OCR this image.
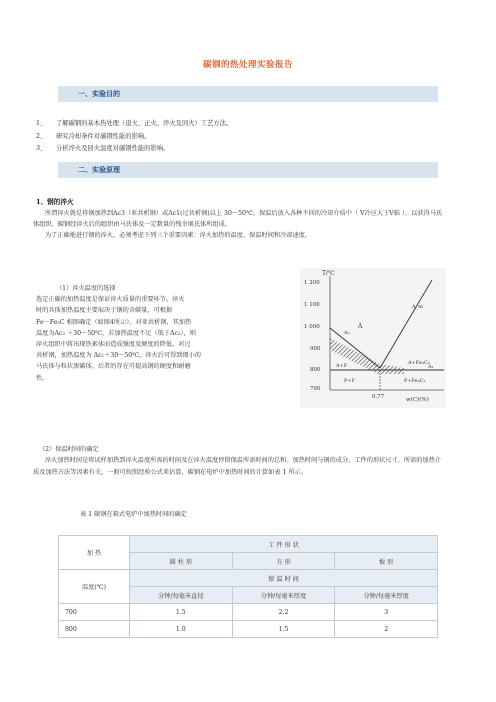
碳钢的热处理实验报告
一、实验目的
1、 了解碳钢的基本热处理（退火、正火、淬火及回火）工艺方法。
2、 研究冷却条件对碳钢性能的影响。
3、 分析淬火及回火温度对碳钢性能的影响。
二、实验原理
1、钢的淬火

所谓淬火就是将钢加热到Ac3（亚共析钢）或Ac1(过共析钢)以上 30～50℃，保温后放入各种不同的冷却介质中（ V冷应大于V临 ），以获得马氏体组织。碳钢经淬火后的组织由马氏体及一定数量的残余奥氏体所组成。

为了正确地进行钢的淬火，必须考虑下列三个重要因素：淬火加热的温度、保温时间和冷却速度。

（1）淬火温度的选择

选定正确的加热温度是保证淬火质量的重要环节。淬火

时的具体加热温度主要取决于钢的含碳量，可根据

Fe－Fe₃C 相图确定（如图4所示）。对亚共析钢，其加热

温度为Ac₃ ＋30～50℃，若加热温度不足（低于Ac₃），则

淬火组织中将出现铁素体而造成强度及硬度的降低。对过

共析钢，加热温度为 Ac₁＋30～50℃，淬火后可得到细小的

马氏体与粒状渗碳体。后者的存在可提高钢的硬度和耐磨

性。

T/℃
1 200
1 100
1 000
900
800
700
A
A+Fe₃C₂
A+F
P+F	P+Fe₃C₂
A₁
A_m
A₃
0.77	w(C)(%)

（2）保温时间的确定

淬火加热时间是将试样加热到淬火温度所需的时间及在淬火温度停留保温所需时间的总和。加热时间与钢的成分、工件的形状尺寸、所需的加热介质及加热方法等因素有关，一般可按照经验公式来估算，碳钢在电炉中加热时间的计算如表 1 所示。

表 1 碳钢在箱式电炉中加热时间的确定
加 热	工 件 形 状		
	圆 柱 形	方 形	板 形
温度(℃)	保 温 时 间		
	分钟/每毫米直径	分钟/每毫米厚度	分钟/每毫米厚度
700	1.5	2.2	3
800	1.0	1.5	2
